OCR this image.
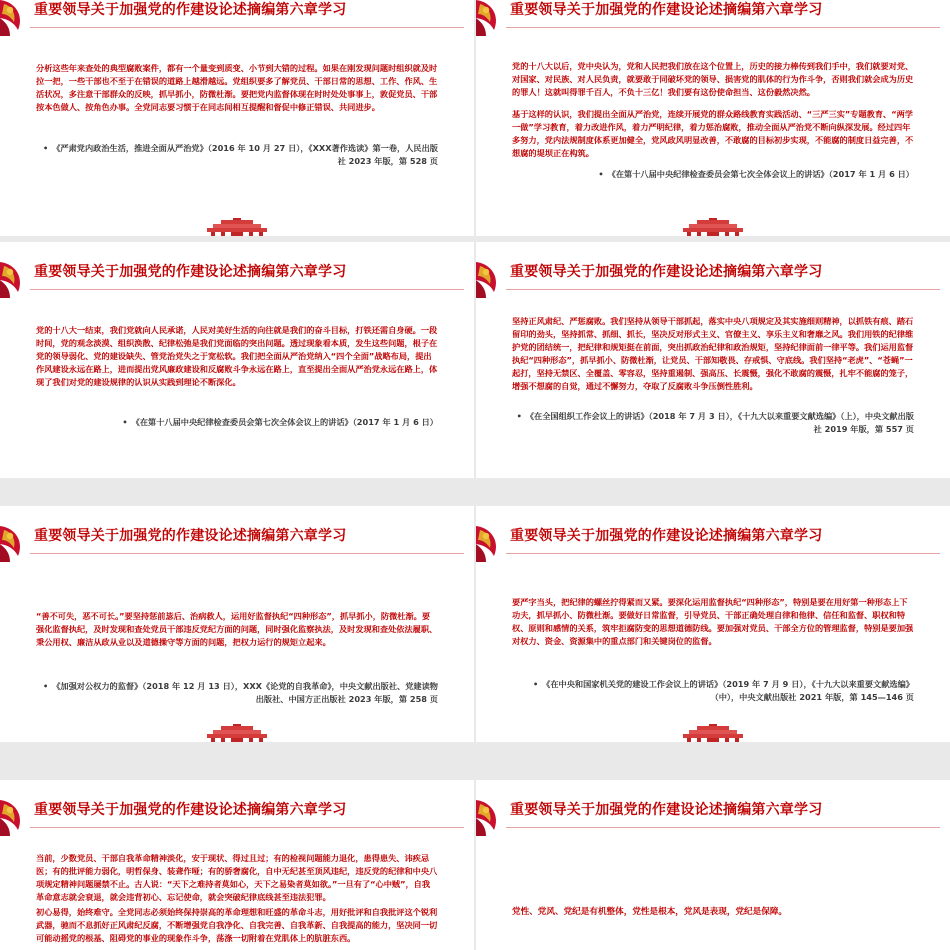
重要领导关于加强党的作建设论述摘编第六章学习

分析这些年来查处的典型腐败案件，都有一个量变到质变、小节到大错的过程。如果在刚发现问题时组织就及时拉一把，一些干部也不至于在错误的道路上越滑越远。党组织要多了解党员、干部日常的思想、工作、作风、生活状况，多注意干部群众的反映，抓早抓小，防微杜渐。要把党内监督体现在时时处处事事上，敦促党员、干部按本色做人、按角色办事。全党同志要习惯于在同志间相互提醒和督促中修正错误、共同进步。

• 《严肃党内政治生活，推进全面从严治党》（2016 年 10 月 27 日），《XXX著作选读》第一卷，人民出版社 2023 年版，第 528 页
重要领导关于加强党的作建设论述摘编第六章学习

党的十八大以后，党中央认为，党和人民把我们放在这个位置上，历史的接力棒传到我们手中，我们就要对党、对国家、对民族、对人民负责，就要敢于同破坏党的领导、损害党的肌体的行为作斗争，否则我们就会成为历史的罪人！这就叫得罪千百人，不负十三亿！我们要有这份使命担当、这份毅然决然。

基于这样的认识，我们提出全面从严治党，连续开展党的群众路线教育实践活动、“三严三实”专题教育、“两学一做”学习教育，着力改进作风，着力严明纪律，着力惩治腐败，推动全面从严治党不断向纵深发展。经过四年多努力，党内法规制度体系更加健全，党风政风明显改善，不敢腐的目标初步实现，不能腐的制度日益完善，不想腐的堤坝正在构筑。

• 《在第十八届中央纪律检查委员会第七次全体会议上的讲话》（2017 年 1 月 6 日）
重要领导关于加强党的作建设论述摘编第六章学习

党的十八大一结束，我们党就向人民承诺，人民对美好生活的向往就是我们的奋斗目标，打铁还需自身硬。一段时间，党的观念淡漠、组织涣散、纪律松弛是我们党面临的突出问题。透过现象看本质，发生这些问题，根子在党的领导弱化、党的建设缺失、管党治党失之于宽松软。我们把全面从严治党纳入“四个全面”战略布局，提出作风建设永远在路上，进而提出党风廉政建设和反腐败斗争永远在路上，直至提出全面从严治党永远在路上，体现了我们对党的建设规律的认识从实践到理论不断深化。

• 《在第十八届中央纪律检查委员会第七次全体会议上的讲话》（2017 年 1 月 6 日）
重要领导关于加强党的作建设论述摘编第六章学习

坚持正风肃纪、严惩腐败。我们坚持从领导干部抓起，落实中央八项规定及其实施细则精神，以抓铁有痕、踏石留印的劲头，坚持抓常、抓细、抓长，坚决反对形式主义、官僚主义、享乐主义和奢靡之风。我们用铁的纪律维护党的团结统一，把纪律和规矩挺在前面，突出抓政治纪律和政治规矩，坚持纪律面前一律平等。我们运用监督执纪“四种形态”，抓早抓小、防微杜渐，让党员、干部知敬畏、存戒惧、守底线。我们坚持“老虎”、“苍蝇”一起打，坚持无禁区、全覆盖、零容忍，坚持重遏制、强高压、长震慑，强化不敢腐的震慑，扎牢不能腐的笼子，增强不想腐的自觉，通过不懈努力，夺取了反腐败斗争压倒性胜利。

• 《在全国组织工作会议上的讲话》（2018 年 7 月 3 日），《十九大以来重要文献选编》（上），中央文献出版社 2019 年版，第 557 页
重要领导关于加强党的作建设论述摘编第六章学习

“善不可失，恶不可长。”要坚持惩前毖后、治病救人，运用好监督执纪“四种形态”，抓早抓小，防微杜渐。要强化监督执纪，及时发现和查处党员干部违反党纪方面的问题，同时强化监察执法，及时发现和查处依法履职、秉公用权、廉洁从政从业以及道德操守等方面的问题，把权力运行的规矩立起来。

• 《加强对公权力的监督》（2018 年 12 月 13 日），XXX《论党的自我革命》，中央文献出版社、党建读物出版社、中国方正出版社 2023 年版，第 258 页
重要领导关于加强党的作建设论述摘编第六章学习

要严字当头，把纪律的螺丝拧得紧而又紧。要深化运用监督执纪“四种形态”，特别是要在用好第一种形态上下功夫，抓早抓小、防微杜渐。要做好日常监督，引导党员、干部正确处理自律和他律、信任和监督、职权和特权、原则和感情的关系，筑牢拒腐防变的思想道德防线。要加强对党员、干部全方位的管理监督，特别是要加强对权力、资金、资源集中的重点部门和关键岗位的监督。

• 《在中央和国家机关党的建设工作会议上的讲话》（2019 年 7 月 9 日），《十九大以来重要文献选编》（中），中央文献出版社 2021 年版，第 145—146 页
重要领导关于加强党的作建设论述摘编第六章学习

当前，少数党员、干部自我革命精神淡化，安于现状、得过且过；有的检视问题能力退化，患得患失、讳疾忌医；有的批评能力弱化，明哲保身、装聋作哑；有的骄奢腐化，自中无纪甚至顶风违纪，违反党的纪律和中央八项规定精神问题屡禁不止。古人说：“天下之难持者莫如心，天下之易染者莫如欲。”一旦有了“心中贼”，自我革命意志就会衰退，就会违背初心、忘记使命，就会突破纪律底线甚至违法犯罪。

初心易得，始终难守。全党同志必须始终保持崇高的革命理想和旺盛的革命斗志，用好批评和自我批评这个锐利武器，驰而不息抓好正风肃纪反腐，不断增强党自我净化、自我完善、自我革新、自我提高的能力，坚决同一切可能动摇党的根基、阻碍党的事业的现象作斗争，荡涤一切附着在党肌体上的肮脏东西。

重要领导关于加强党的作建设论述摘编第六章学习

党性、党风、党纪是有机整体，党性是根本，党风是表现，党纪是保障。
